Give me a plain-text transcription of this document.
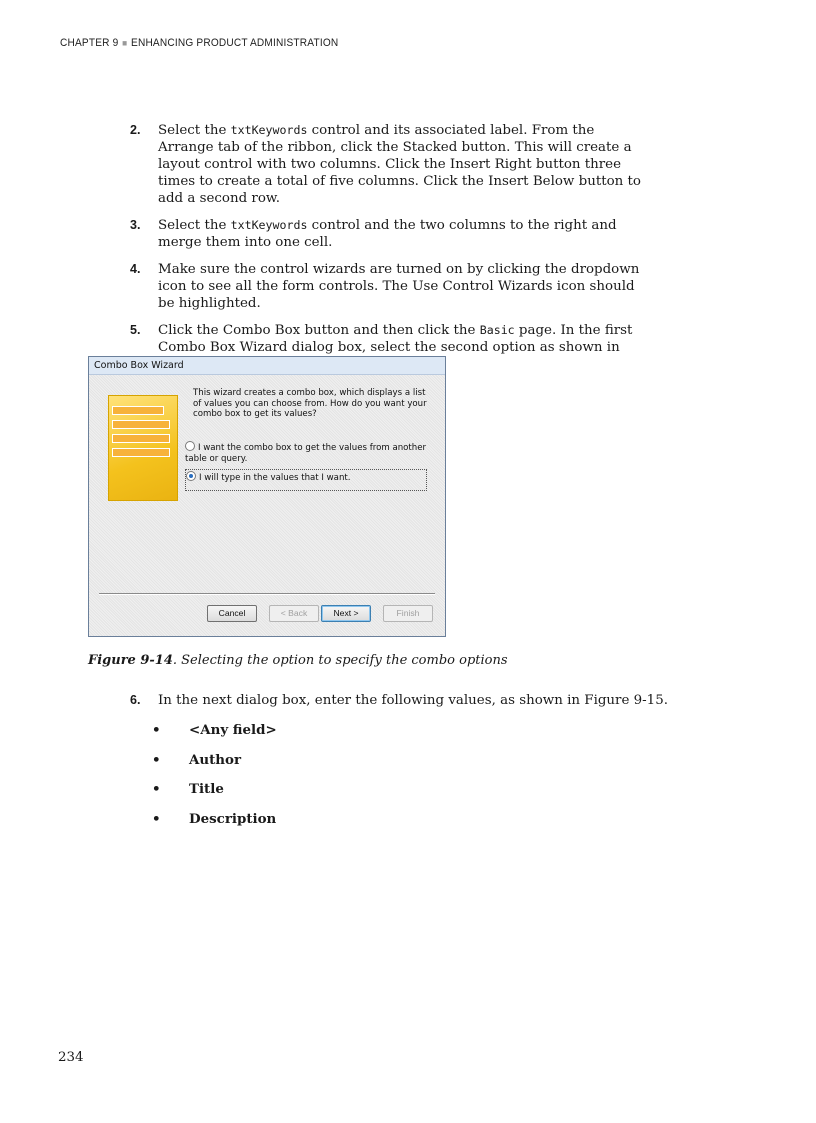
CHAPTER 9 ■ ENHANCING PRODUCT ADMINISTRATION
2. Select the txtKeywords control and its associated label. From the Arrange tab of the ribbon, click the Stacked button. This will create a layout control with two columns. Click the Insert Right button three times to create a total of five columns. Click the Insert Below button to add a second row.
3. Select the txtKeywords control and the two columns to the right and merge them into one cell.
4. Make sure the control wizards are turned on by clicking the dropdown icon to see all the form controls. The Use Control Wizards icon should be highlighted.
5. Click the Combo Box button and then click the Basic page. In the first Combo Box Wizard dialog box, select the second option as shown in
Combo Box Wizard
This wizard creates a combo box, which displays a list of values you can choose from. How do you want your combo box to get its values?
I want the combo box to get the values from another table or query.
I will type in the values that I want.
Cancel	< Back	Next >	Finish
Figure 9-14. Selecting the option to specify the combo options
6. In the next dialog box, enter the following values, as shown in Figure 9-15.
• <Any field>
• Author
• Title
• Description
234
